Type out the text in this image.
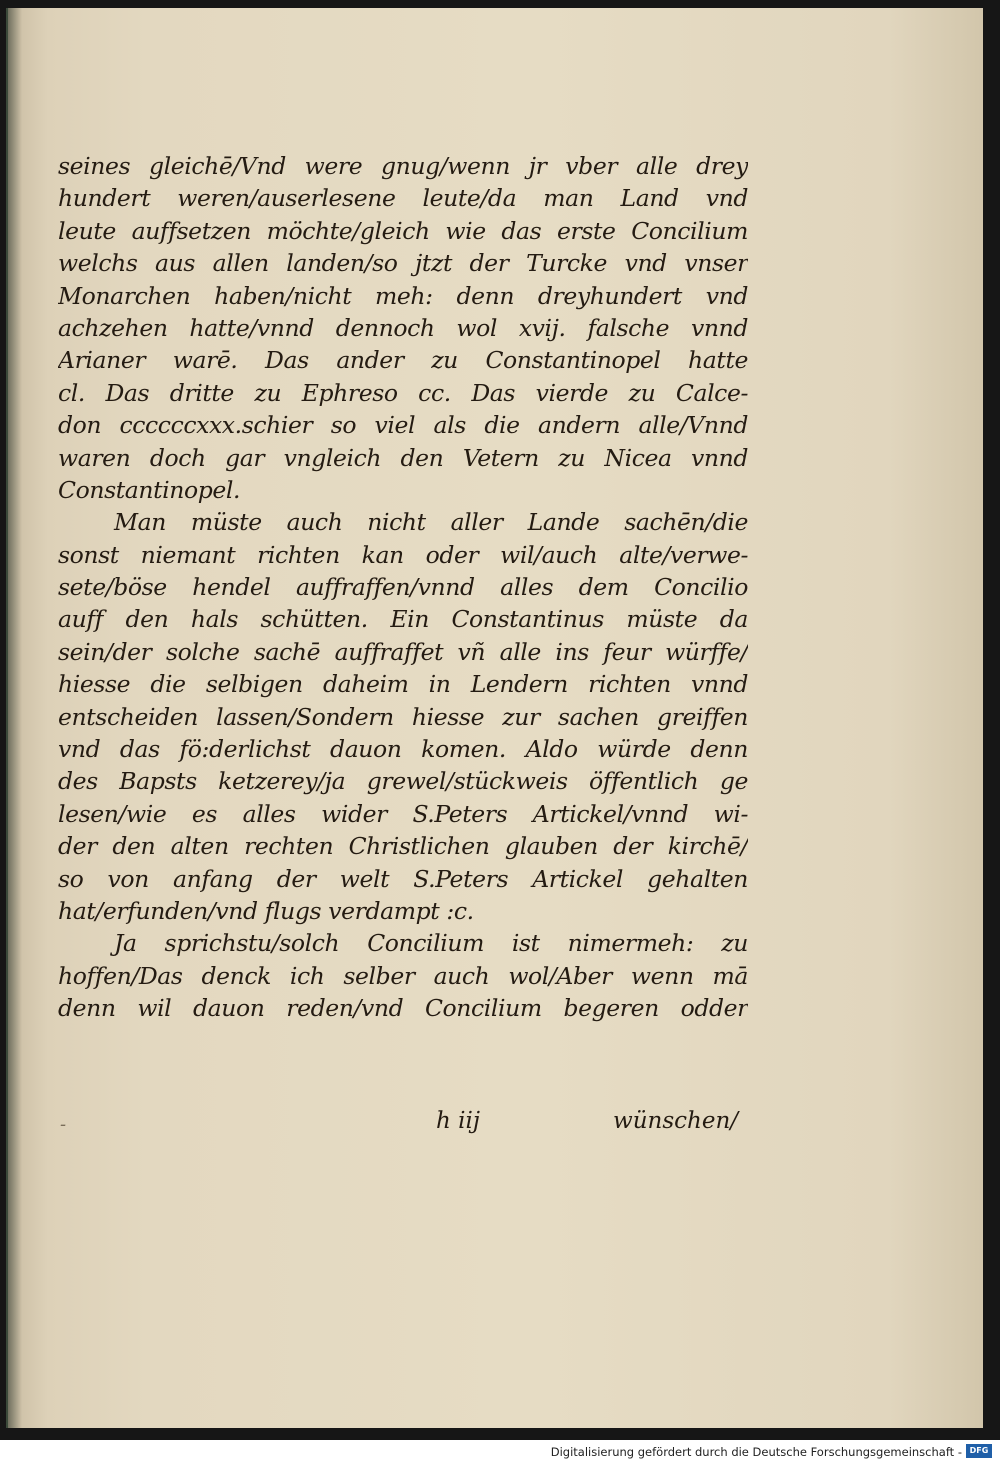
seines gleichē/Vnd were gnug/wenn jr vber alle drey
hundert weren/auserlesene leute/da man Land vnd
leute auffsetzen möchte/gleich wie das erste Concilium
welchs aus allen landen/so jtzt der Turcke vnd vnser
Monarchen haben/nicht meh: denn dreyhundert vnd
achzehen hatte/vnnd dennoch wol xvij. falsche vnnd
Arianer warē. Das ander zu Constantinopel hatte
cl. Das dritte zu Ephreso cc. Das vierde zu Calce-
don ccccccxxx.schier so viel als die andern alle/Vnnd
waren doch gar vngleich den Vetern zu Nicea vnnd
Constantinopel.
Man müste auch nicht aller Lande sachēn/die
sonst niemant richten kan oder wil/auch alte/verwe-
sete/böse hendel auffraffen/vnnd alles dem Concilio
auff den hals schütten. Ein Constantinus müste da
sein/der solche sachē auffraffet vñ alle ins feur würffe/
hiesse die selbigen daheim in Lendern richten vnnd
entscheiden lassen/Sondern hiesse zur sachen greiffen
vnd das fö:derlichst dauon komen. Aldo würde denn
des Bapsts ketzerey/ja grewel/stückweis öffentlich ge
lesen/wie es alles wider S.Peters Artickel/vnnd wi-
der den alten rechten Christlichen glauben der kirchē/
so von anfang der welt S.Peters Artickel gehalten
hat/erfunden/vnd flugs verdampt :c.
Ja sprichstu/solch Concilium ist nimermeh: zu
hoffen/Das denck ich selber auch wol/Aber wenn mā
denn wil dauon reden/vnd Concilium begeren odder
-	h iij	wünschen/
Digitalisierung gefördert durch die Deutsche Forschungsgemeinschaft - DFG
